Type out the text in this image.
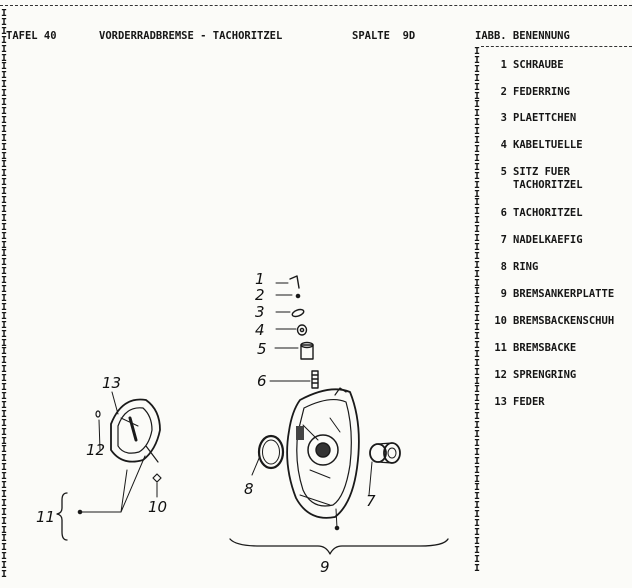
I
I
I
I
I
I
I
I
I
I
I
I
I
I
I
I
I
I
I
I
I
I
I
I
I
I
I
I
I
I
I
I
I
I
I
I
I
I
I
I
I
I
I
I
I
I
I
I
I
I
I
I
I
I
I
I
I
I
I
I
I
I
I
I

I
I
I
I
I
I
I
I
I
I
I
I
I
I
I
I
I
I
I
I
I
I
I
I
I
I
I
I
I
I
I
I
I
I
I
I
I
I
I
I
I
I
I
I
I
I
I
I
I
I
I
I
I
I
I
I
I
I
I

TAFEL 40	VORDERRADBREMSE - TACHORITZEL	SPALTE  9D	IABB. BENENNUNG
1 SCHRAUBE
2 FEDERRING
3 PLAETTCHEN
4 KABELTUELLE
5 SITZ FUER
TACHORITZEL
6 TACHORITZEL
7 NADELKAEFIG
8 RING
9 BREMSANKERPLATTE
10 BREMSBACKENSCHUH
11 BREMSBACKE
12 SPRENGRING
13 FEDER
1
2
3
4
5
6
7
8
9
10
11
12
13
